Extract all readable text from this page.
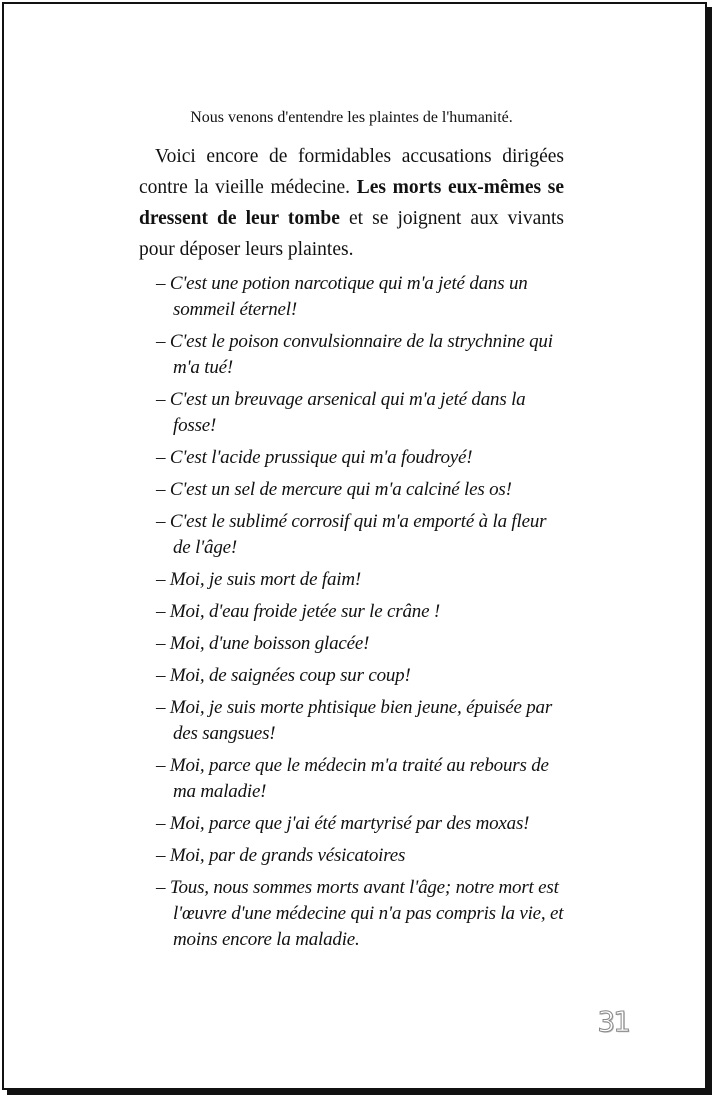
Nous venons d'entendre les plaintes de l'humanité.

Voici encore de formidables accusations dirigées contre la vieille médecine. Les morts eux-mêmes se dressent de leur tombe et se joignent aux vivants pour déposer leurs plaintes.

– C'est une potion narcotique qui m'a jeté dans un sommeil éternel!
– C'est le poison convulsionnaire de la strychnine qui m'a tué!
– C'est un breuvage arsenical qui m'a jeté dans la fosse!
– C'est l'acide prussique qui m'a foudroyé!
– C'est un sel de mercure qui m'a calciné les os!
– C'est le sublimé corrosif qui m'a emporté à la fleur de l'âge!
– Moi, je suis mort de faim!
– Moi, d'eau froide jetée sur le crâne !
– Moi, d'une boisson glacée!
– Moi, de saignées coup sur coup!
– Moi, je suis morte phtisique bien jeune, épuisée par des sangsues!
– Moi, parce que le médecin m'a traité au rebours de ma maladie!
– Moi, parce que j'ai été martyrisé par des moxas!
– Moi, par de grands vésicatoires
– Tous, nous sommes morts avant l'âge; notre mort est l'œuvre d'une médecine qui n'a pas compris la vie, et moins encore la maladie.
31
